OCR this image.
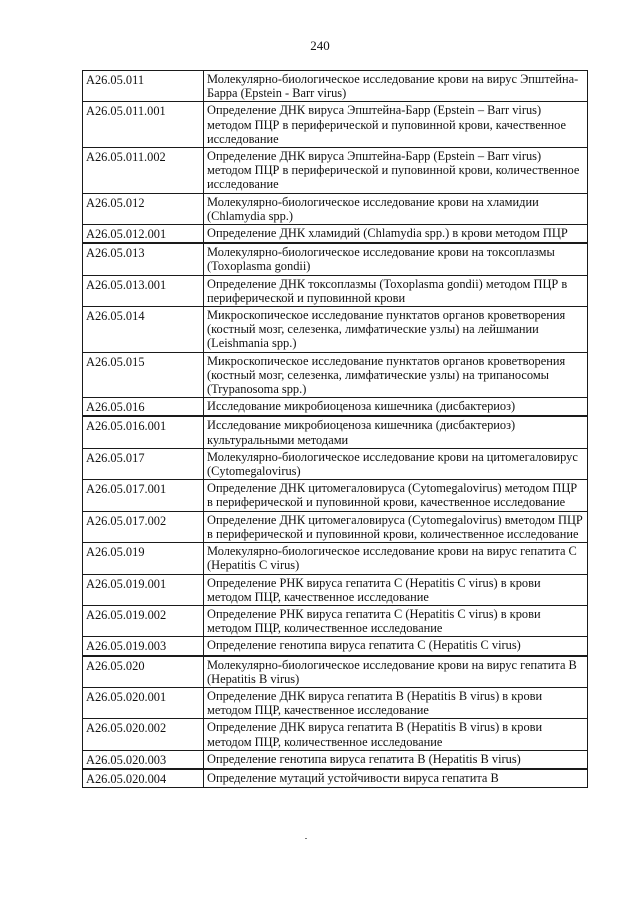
240
A26.05.011	Молекулярно-биологическое исследование крови на вирус Эпштейна-Барра (Epstein - Barr virus)
A26.05.011.001	Определение ДНК вируса Эпштейна-Барр (Epstein – Barr virus) методом ПЦР в периферической и пуповинной крови, качественное исследование
A26.05.011.002	Определение ДНК вируса Эпштейна-Барр (Epstein – Barr virus) методом ПЦР в периферической и пуповинной крови, количественное исследование
A26.05.012	Молекулярно-биологическое исследование крови на хламидии (Chlamydia spp.)
A26.05.012.001	Определение ДНК хламидий (Chlamydia spp.) в крови методом ПЦР
A26.05.013	Молекулярно-биологическое исследование крови на токсоплазмы (Toxoplasma gondii)
A26.05.013.001	Определение ДНК токсоплазмы (Toxoplasma gondii) методом ПЦР в периферической и пуповинной крови
A26.05.014	Микроскопическое исследование пунктатов органов кроветворения (костный мозг, селезенка, лимфатические узлы) на лейшмании (Leishmania spp.)
A26.05.015	Микроскопическое исследование пунктатов органов кроветворения (костный мозг, селезенка, лимфатические узлы) на трипаносомы (Trypanosoma spp.)
A26.05.016	Исследование микробиоценоза кишечника (дисбактериоз)
A26.05.016.001	Исследование микробиоценоза кишечника (дисбактериоз) культуральными методами
A26.05.017	Молекулярно-биологическое исследование крови на цитомегаловирус (Cytomegalovirus)
A26.05.017.001	Определение ДНК цитомегаловируса (Cytomegalovirus) методом ПЦР в периферической и пуповинной крови, качественное исследование
A26.05.017.002	Определение ДНК цитомегаловируса (Cytomegalovirus) вметодом ПЦР в периферической и пуповинной крови, количественное исследование
A26.05.019	Молекулярно-биологическое исследование крови на вирус гепатита С (Hepatitis C virus)
A26.05.019.001	Определение РНК вируса гепатита С (Hepatitis C virus) в крови методом ПЦР, качественное исследование
A26.05.019.002	Определение РНК вируса гепатита С (Hepatitis C virus) в крови методом ПЦР, количественное исследование
A26.05.019.003	Определение генотипа вируса гепатита С (Hepatitis C virus)
A26.05.020	Молекулярно-биологическое исследование крови на вирус гепатита В (Hepatitis B virus)
A26.05.020.001	Определение ДНК вируса гепатита В (Hepatitis B virus) в крови методом ПЦР, качественное исследование
A26.05.020.002	Определение ДНК вируса гепатита В (Hepatitis B virus) в крови методом ПЦР, количественное исследование
A26.05.020.003	Определение генотипа вируса гепатита В (Hepatitis B virus)
A26.05.020.004	Определение мутаций устойчивости вируса гепатита В
